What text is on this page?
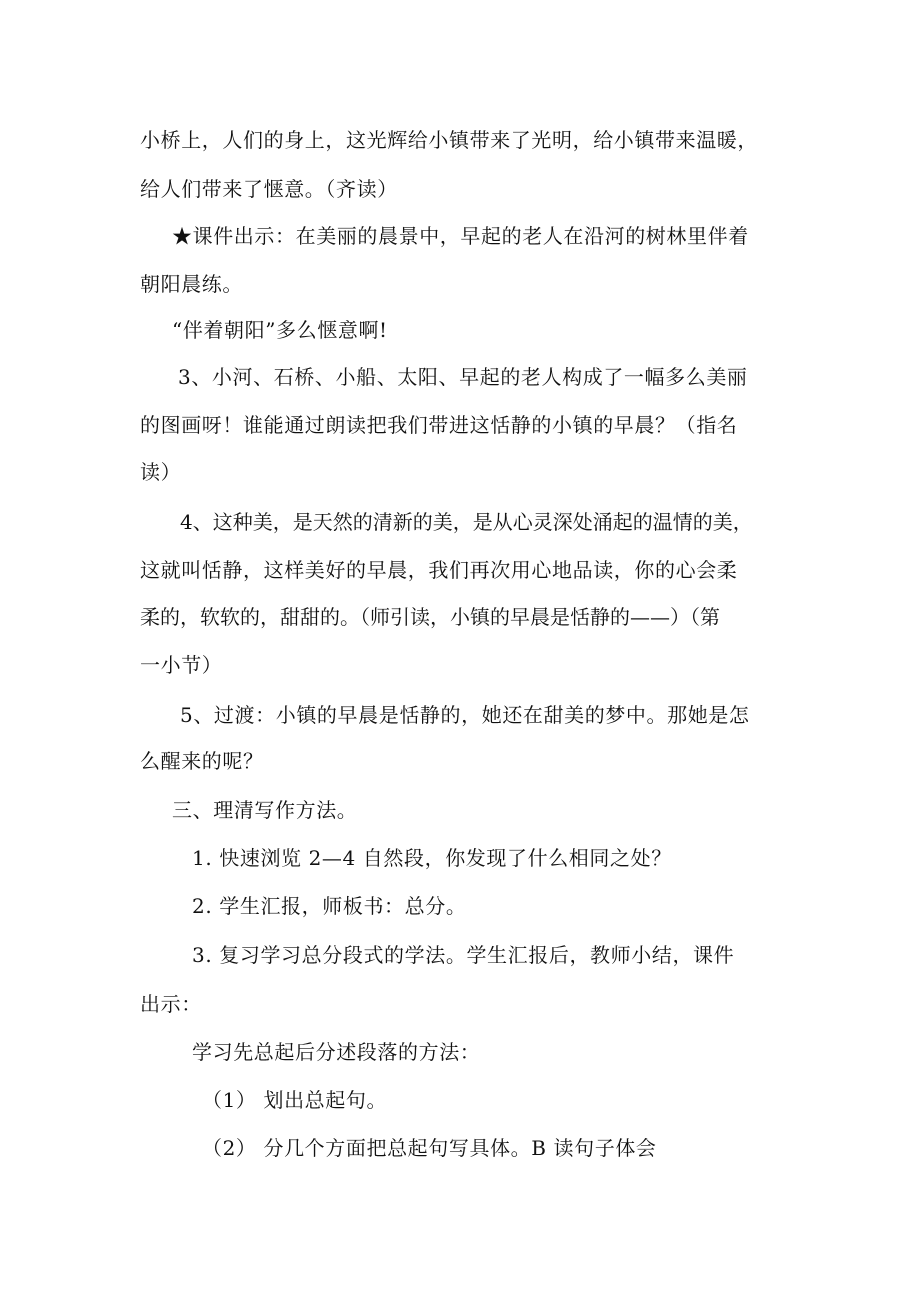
小桥上，人们的身上，这光辉给小镇带来了光明，给小镇带来温暖，

给人们带来了惬意。（齐读）

★课件出示：在美丽的晨景中，早起的老人在沿河的树林里伴着

朝阳晨练。

“伴着朝阳”多么惬意啊!

3、小河、石桥、小船、太阳、早起的老人构成了一幅多么美丽

的图画呀！谁能通过朗读把我们带进这恬静的小镇的早晨？（指名

读）

4、这种美，是天然的清新的美，是从心灵深处涌起的温情的美，

这就叫恬静，这样美好的早晨，我们再次用心地品读，你的心会柔

柔的，软软的，甜甜的。（师引读，小镇的早晨是恬静的——）（第

一小节）

5、过渡：小镇的早晨是恬静的，她还在甜美的梦中。那她是怎

么醒来的呢？

三、理清写作方法。

1. 快速浏览 2—4 自然段，你发现了什么相同之处？

2. 学生汇报，师板书：总分。

3. 复习学习总分段式的学法。学生汇报后，教师小结，课件

出示：

学习先总起后分述段落的方法：

（1） 划出总起句。

（2） 分几个方面把总起句写具体。B 读句子体会
